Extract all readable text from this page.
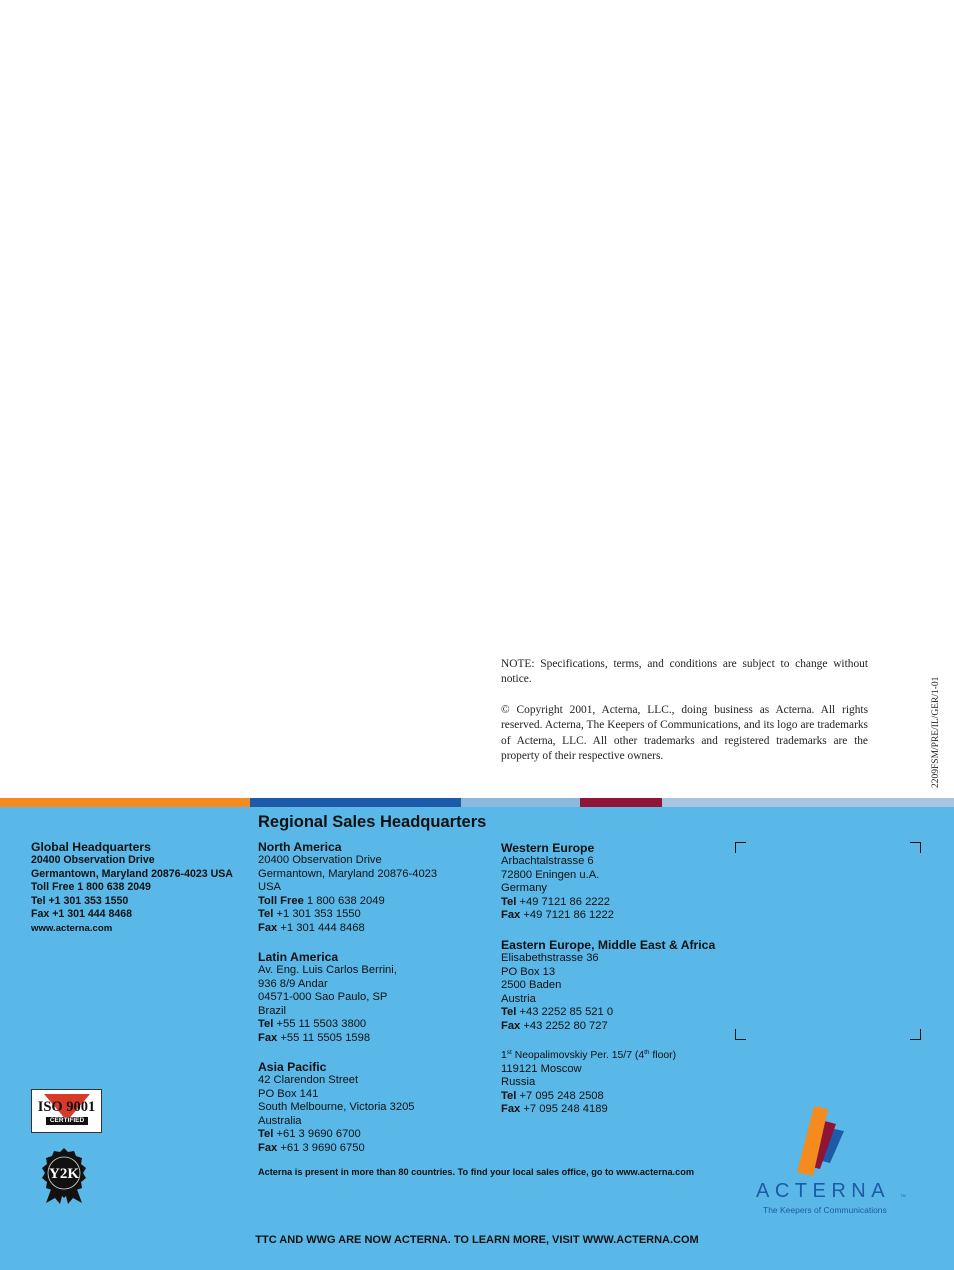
NOTE: Specifications, terms, and conditions are subject to change without notice.

© Copyright 2001, Acterna, LLC., doing business as Acterna. All rights reserved. Acterna, The Keepers of Communications, and its logo are trademarks of Acterna, LLC. All other trademarks and registered trademarks are the property of their respective owners.	2209FSM/PRE/IL/GER/1-01
Global Headquarters
20400 Observation Drive
Germantown, Maryland 20876-4023 USA
Toll Free 1 800 638 2049
Tel +1 301 353 1550
Fax +1 301 444 8468
www.acterna.com
Regional Sales Headquarters
North America
20400 Observation Drive
Germantown, Maryland 20876-4023
USA
Toll Free 1 800 638 2049
Tel +1 301 353 1550
Fax +1 301 444 8468
Latin America
Av. Eng. Luis Carlos Berrini,
936 8/9 Andar
04571-000 Sao Paulo, SP
Brazil
Tel +55 11 5503 3800
Fax +55 11 5505 1598
Asia Pacific
42 Clarendon Street
PO Box 141
South Melbourne, Victoria 3205
Australia
Tel +61 3 9690 6700
Fax +61 3 9690 6750
Western Europe
Arbachtalstrasse 6
72800 Eningen u.A.
Germany
Tel +49 7121 86 2222
Fax +49 7121 86 1222
Eastern Europe, Middle East & Africa
Elisabethstrasse 36
PO Box 13
2500 Baden
Austria
Tel +43 2252 85 521 0
Fax +43 2252 80 727
1st Neopalimovskiy Per. 15/7 (4th floor)
119121 Moscow
Russia
Tel +7 095 248 2508
Fax +7 095 248 4189
Acterna is present in more than 80 countries. To find your local sales office, go to www.acterna.com
TTC AND WWG ARE NOW ACTERNA. TO LEARN MORE, VISIT WWW.ACTERNA.COM
ISO 9001
CERTIFIED
Y2K
ACTERNA TM
The Keepers of Communications
